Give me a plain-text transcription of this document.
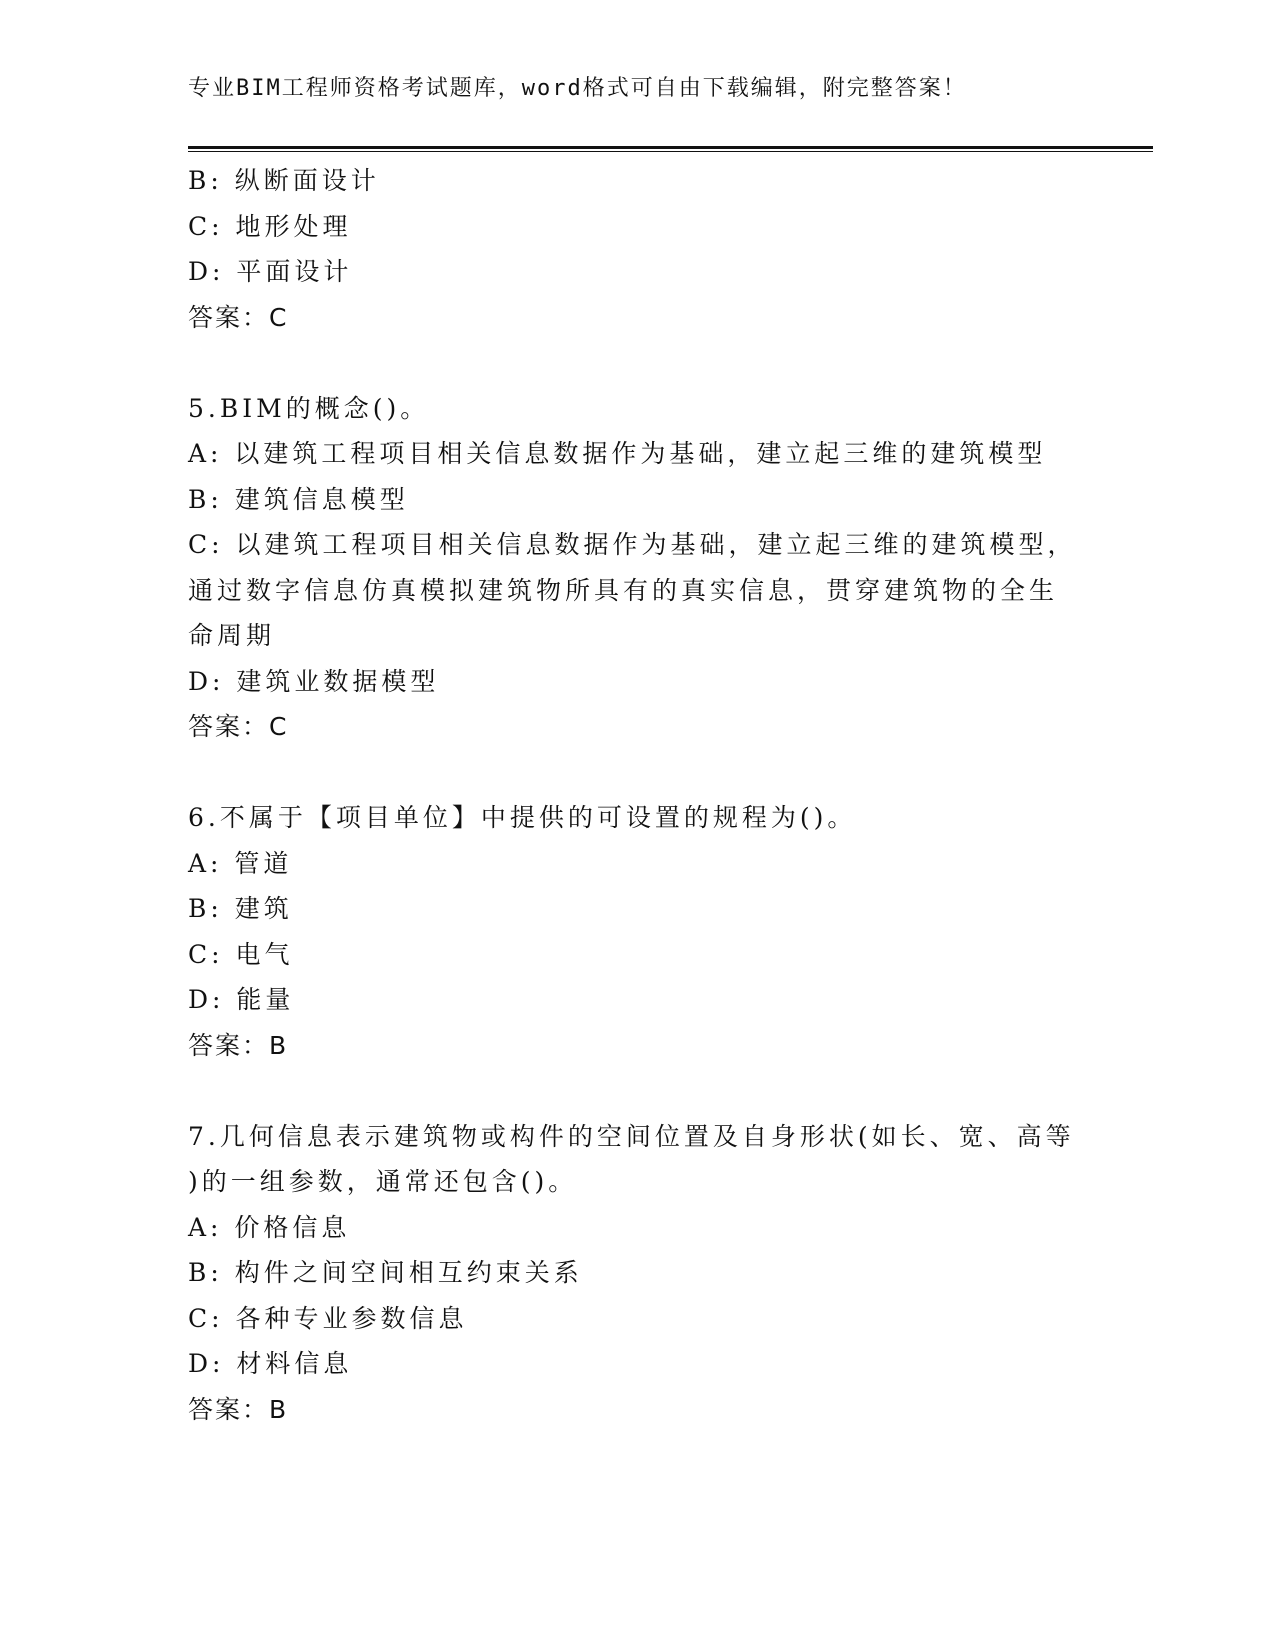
专业BIM工程师资格考试题库，word格式可自由下载编辑，附完整答案！
B: 纵断面设计
C: 地形处理
D: 平面设计
答案：C
5.BIM的概念()。
A: 以建筑工程项目相关信息数据作为基础，建立起三维的建筑模型
B: 建筑信息模型
C: 以建筑工程项目相关信息数据作为基础，建立起三维的建筑模型，
通过数字信息仿真模拟建筑物所具有的真实信息，贯穿建筑物的全生
命周期
D: 建筑业数据模型
答案：C
6.不属于【项目单位】中提供的可设置的规程为()。
A: 管道
B: 建筑
C: 电气
D: 能量
答案：B
7.几何信息表示建筑物或构件的空间位置及自身形状(如长、宽、高等
)的一组参数，通常还包含()。
A: 价格信息
B: 构件之间空间相互约束关系
C: 各种专业参数信息
D: 材料信息
答案：B
